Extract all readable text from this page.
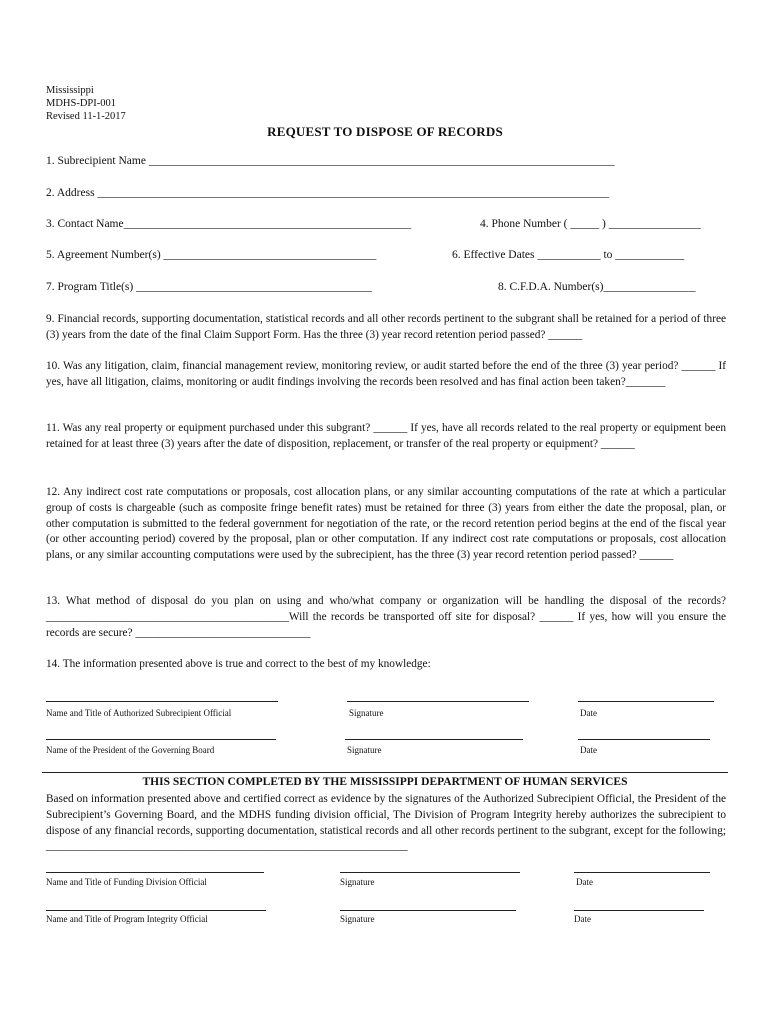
Mississippi
MDHS-DPI-001
Revised 11-1-2017
REQUEST TO DISPOSE OF RECORDS
1. Subrecipient Name _________________________________________________________________________________
2. Address _________________________________________________________________________________________
3. Contact Name__________________________________________________	4. Phone Number ( _____ ) ________________
5. Agreement Number(s) _____________________________________	6. Effective Dates ___________ to ____________
7. Program Title(s) _________________________________________	8. C.F.D.A. Number(s)________________
9. Financial records, supporting documentation, statistical records and all other records pertinent to the subgrant shall be retained for a period of three (3) years from the date of the final Claim Support Form. Has the three (3) year record retention period passed? ______
10. Was any litigation, claim, financial management review, monitoring review, or audit started before the end of the three (3) year period? ______ If yes, have all litigation, claims, monitoring or audit findings involving the records been resolved and has final action been taken?_______
11. Was any real property or equipment purchased under this subgrant? ______ If yes, have all records related to the real property or equipment been retained for at least three (3) years after the date of disposition, replacement, or transfer of the real property or equipment? ______
12. Any indirect cost rate computations or proposals, cost allocation plans, or any similar accounting computations of the rate at which a particular group of costs is chargeable (such as composite fringe benefit rates) must be retained for three (3) years from either the date the proposal, plan, or other computation is submitted to the federal government for negotiation of the rate, or the record retention period begins at the end of the fiscal year (or other accounting period) covered by the proposal, plan or other computation. If any indirect cost rate computations or proposals, cost allocation plans, or any similar accounting computations were used by the subrecipient, has the three (3) year record retention period passed? ______
13. What method of disposal do you plan on using and who/what company or organization will be handling the disposal of the records? ___________________________________________Will the records be transported off site for disposal? ______ If yes, how will you ensure the records are secure? _______________________________
14. The information presented above is true and correct to the best of my knowledge:
Name and Title of Authorized Subrecipient Official	Signature	Date
Name of the President of the Governing Board	Signature	Date
THIS SECTION COMPLETED BY THE MISSISSIPPI DEPARTMENT OF HUMAN SERVICES
Based on information presented above and certified correct as evidence by the signatures of the Authorized Subrecipient Official, the President of the Subrecipient’s Governing Board, and the MDHS funding division official, The Division of Program Integrity hereby authorizes the subrecipient to dispose of any financial records, supporting documentation, statistical records and all other records pertinent to the subgrant, except for the following; ________________________________________________________________
Name and Title of Funding Division Official	Signature	Date
Name and Title of Program Integrity Official	Signature	Date
